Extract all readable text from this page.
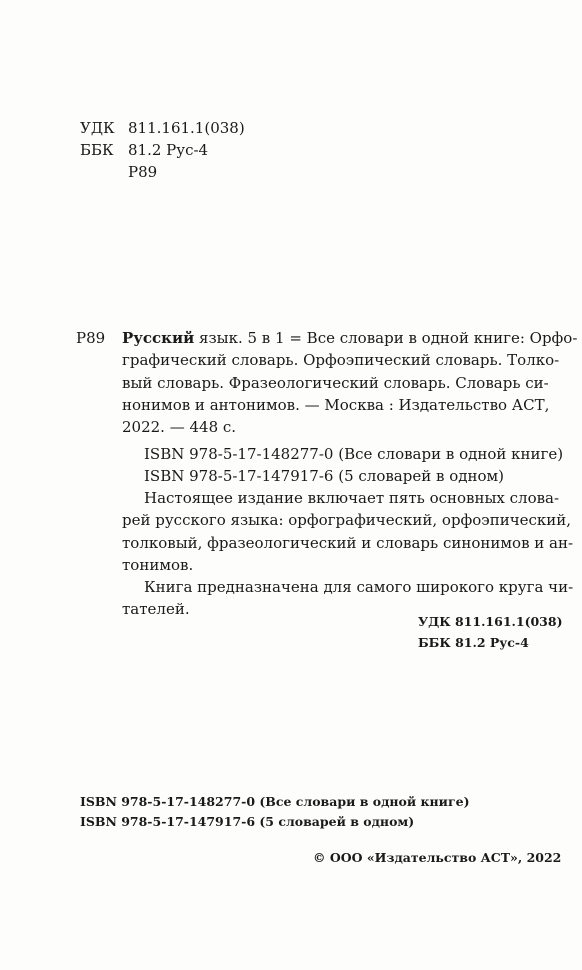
УДК 811.161.1(038)
ББК 81.2 Рус-4
Р89
Р89 Русский язык. 5 в 1 = Все словари в одной книге: Орфо-
графический словарь. Орфоэпический словарь. Толко-
вый словарь. Фразеологический словарь. Словарь си-
нонимов и антонимов. — Москва : Издательство АСТ,
2022. — 448 с.
ISBN 978-5-17-148277-0 (Все словари в одной книге)
ISBN 978-5-17-147917-6 (5 словарей в одном)
Настоящее издание включает пять основных слова-
рей русского языка: орфографический, орфоэпический,
толковый, фразеологический и словарь синонимов и ан-
тонимов.
Книга предназначена для самого широкого круга чи-
тателей.
УДК 811.161.1(038)
ББК 81.2 Рус-4
ISBN 978-5-17-148277-0 (Все словари в одной книге)
ISBN 978-5-17-147917-6 (5 словарей в одном)
© ООО «Издательство АСТ», 2022
